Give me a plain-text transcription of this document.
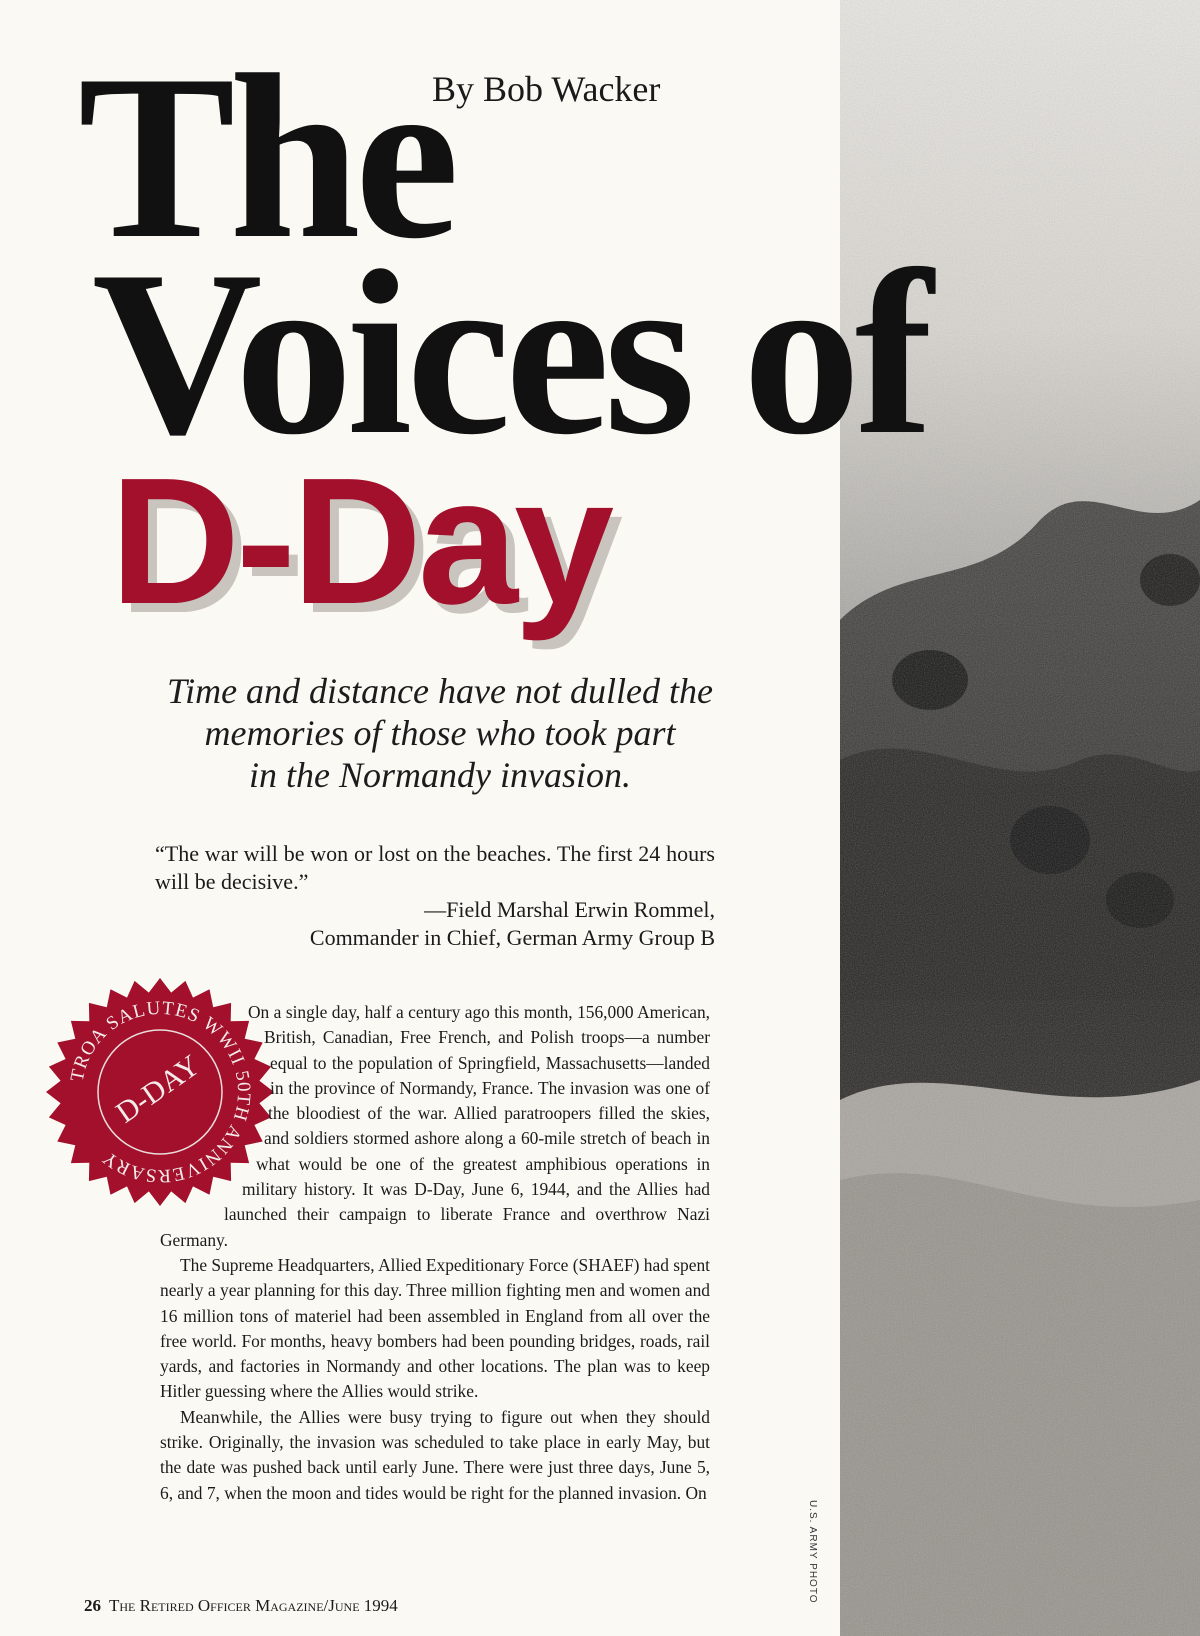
U.S. ARMY PHOTO
The

By Bob Wacker

Voices of
D-Day

Time and distance have not dulled the
memories of those who took part
in the Normandy invasion.

“The war will be won or lost on the beaches. The first 24 hours will be decisive.”
—Field Marshal Erwin Rommel,
Commander in Chief, German Army Group B
TROA SALUTES WWII 50TH ANNIVERSARY
D-DAY

On a single day, half a century ago this month, 156,000 American, British, Canadian, Free French, and Polish troops—a number equal to the population of Springfield, Massachusetts—landed in the province of Normandy, France. The invasion was one of the bloodiest of the war. Allied paratroopers filled the skies, and soldiers stormed ashore along a 60-mile stretch of beach in what would be one of the greatest amphibious operations in military history. It was D-Day, June 6, 1944, and the Allies had launched their campaign to liberate France and overthrow Nazi Germany.

The Supreme Headquarters, Allied Expeditionary Force (SHAEF) had spent nearly a year planning for this day. Three million fighting men and women and 16 million tons of materiel had been assembled in England from all over the free world. For months, heavy bombers had been pounding bridges, roads, rail yards, and factories in Normandy and other locations. The plan was to keep Hitler guessing where the Allies would strike.

Meanwhile, the Allies were busy trying to figure out when they should strike. Originally, the invasion was scheduled to take place in early May, but the date was pushed back until early June. There were just three days, June 5, 6, and 7, when the moon and tides would be right for the planned invasion. On

26 The Retired Officer Magazine/June 1994
